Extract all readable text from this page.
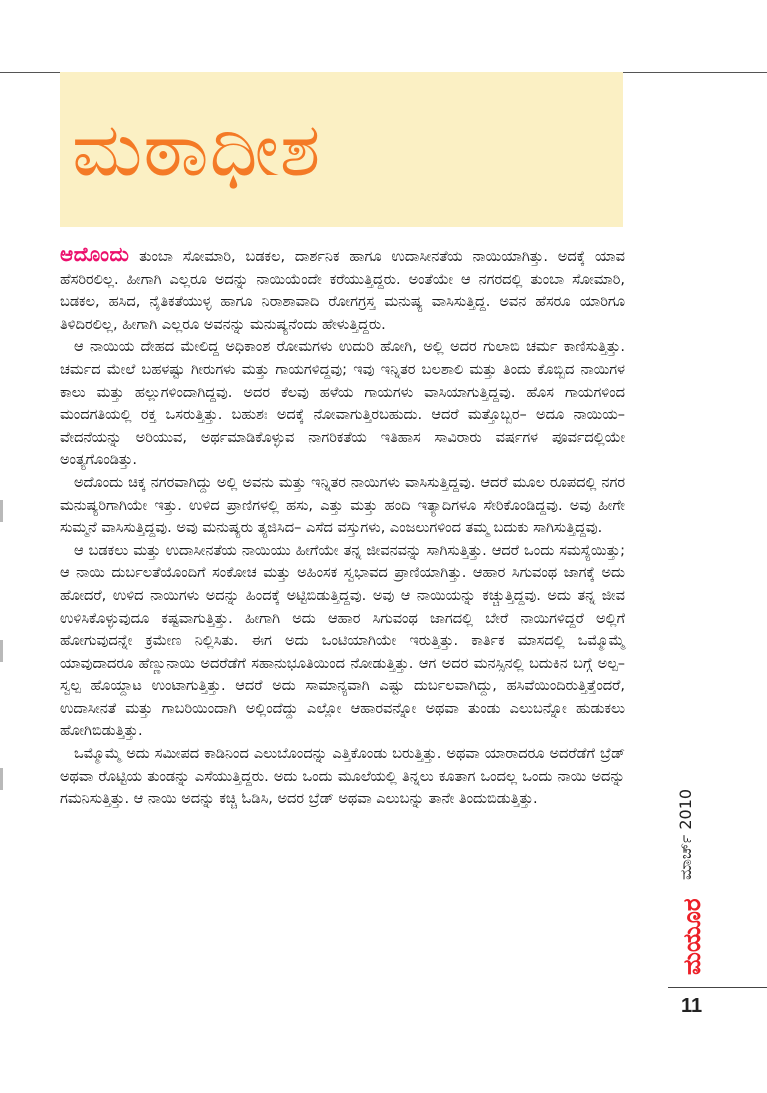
ಮಠಾಧೀಶ

ಆದೊಂದು ತುಂಬಾ ಸೋಮಾರಿ, ಬಡಕಲ, ದಾರ್ಶನಿಕ ಹಾಗೂ ಉದಾಸೀನತೆಯ ನಾಯಿಯಾಗಿತ್ತು. ಅದಕ್ಕೆ ಯಾವ ಹೆಸರಿರಲಿಲ್ಲ. ಹೀಗಾಗಿ ಎಲ್ಲರೂ ಅದನ್ನು ನಾಯಿಯೆಂದೇ ಕರೆಯುತ್ತಿದ್ದರು. ಅಂತೆಯೇ ಆ ನಗರದಲ್ಲಿ ತುಂಬಾ ಸೋಮಾರಿ, ಬಡಕಲ, ಹಸಿದ, ನೈತಿಕತೆಯುಳ್ಳ ಹಾಗೂ ನಿರಾಶಾವಾದಿ ರೋಗಗ್ರಸ್ತ ಮನುಷ್ಯ ವಾಸಿಸುತ್ತಿದ್ದ. ಅವನ ಹೆಸರೂ ಯಾರಿಗೂ ತಿಳಿದಿರಲಿಲ್ಲ, ಹೀಗಾಗಿ ಎಲ್ಲರೂ ಅವನನ್ನು ಮನುಷ್ಯನೆಂದು ಹೇಳುತ್ತಿದ್ದರು.

ಆ ನಾಯಿಯ ದೇಹದ ಮೇಲಿದ್ದ ಅಧಿಕಾಂಶ ರೋಮಗಳು ಉದುರಿ ಹೋಗಿ, ಅಲ್ಲಿ ಅದರ ಗುಲಾಬಿ ಚರ್ಮ ಕಾಣಿಸುತ್ತಿತ್ತು. ಚರ್ಮದ ಮೇಲೆ ಬಹಳಷ್ಟು ಗೀರುಗಳು ಮತ್ತು ಗಾಯಗಳಿದ್ದವು; ಇವು ಇನ್ನಿತರ ಬಲಶಾಲಿ ಮತ್ತು ತಿಂದು ಕೊಬ್ಬಿದ ನಾಯಿಗಳ ಕಾಲು ಮತ್ತು ಹಲ್ಲುಗಳಿಂದಾಗಿದ್ದವು. ಅದರ ಕೆಲವು ಹಳೆಯ ಗಾಯಗಳು ವಾಸಿಯಾಗುತ್ತಿದ್ದವು. ಹೊಸ ಗಾಯಗಳಿಂದ ಮಂದಗತಿಯಲ್ಲಿ ರಕ್ತ ಒಸರುತ್ತಿತ್ತು. ಬಹುಶಃ ಅದಕ್ಕೆ ನೋವಾಗುತ್ತಿರಬಹುದು. ಆದರೆ ಮತ್ತೊಬ್ಬರ– ಅದೂ ನಾಯಿಯ– ವೇದನೆಯನ್ನು ಅರಿಯುವ, ಅರ್ಥಮಾಡಿಕೊಳ್ಳುವ ನಾಗರಿಕತೆಯ ಇತಿಹಾಸ ಸಾವಿರಾರು ವರ್ಷಗಳ ಪೂರ್ವದಲ್ಲಿಯೇ ಅಂತ್ಯಗೊಂಡಿತ್ತು.

ಅದೊಂದು ಚಿಕ್ಕ ನಗರವಾಗಿದ್ದು ಅಲ್ಲಿ ಅವನು ಮತ್ತು ಇನ್ನಿತರ ನಾಯಿಗಳು ವಾಸಿಸುತ್ತಿದ್ದವು. ಆದರೆ ಮೂಲ ರೂಪದಲ್ಲಿ ನಗರ ಮನುಷ್ಯರಿಗಾಗಿಯೇ ಇತ್ತು. ಉಳಿದ ಪ್ರಾಣಿಗಳಲ್ಲಿ ಹಸು, ಎತ್ತು ಮತ್ತು ಹಂದಿ ಇತ್ಯಾದಿಗಳೂ ಸೇರಿಕೊಂಡಿದ್ದವು. ಅವು ಹೀಗೇ ಸುಮ್ಮನೆ ವಾಸಿಸುತ್ತಿದ್ದವು. ಅವು ಮನುಷ್ಯರು ತ್ಯಜಿಸಿದ– ಎಸೆದ ವಸ್ತುಗಳು, ಎಂಜಲುಗಳಿಂದ ತಮ್ಮ ಬದುಕು ಸಾಗಿಸುತ್ತಿದ್ದವು.

ಆ ಬಡಕಲು ಮತ್ತು ಉದಾಸೀನತೆಯ ನಾಯಿಯು ಹೀಗೆಯೇ ತನ್ನ ಜೀವನವನ್ನು ಸಾಗಿಸುತ್ತಿತ್ತು. ಆದರೆ ಒಂದು ಸಮಸ್ಯೆಯಿತ್ತು; ಆ ನಾಯಿ ದುರ್ಬಲತೆಯೊಂದಿಗೆ ಸಂಕೋಚ ಮತ್ತು ಅಹಿಂಸಕ ಸ್ವಭಾವದ ಪ್ರಾಣಿಯಾಗಿತ್ತು. ಆಹಾರ ಸಿಗುವಂಥ ಜಾಗಕ್ಕೆ ಅದು ಹೋದರೆ, ಉಳಿದ ನಾಯಿಗಳು ಅದನ್ನು ಹಿಂದಕ್ಕೆ ಅಟ್ಟಿಬಿಡುತ್ತಿದ್ದವು. ಅವು ಆ ನಾಯಿಯನ್ನು ಕಚ್ಚುತ್ತಿದ್ದವು. ಅದು ತನ್ನ ಜೀವ ಉಳಿಸಿಕೊಳ್ಳುವುದೂ ಕಷ್ಟವಾಗುತ್ತಿತ್ತು. ಹೀಗಾಗಿ ಅದು ಆಹಾರ ಸಿಗುವಂಥ ಜಾಗದಲ್ಲಿ ಬೇರೆ ನಾಯಿಗಳಿದ್ದರೆ ಅಲ್ಲಿಗೆ ಹೋಗುವುದನ್ನೇ ಕ್ರಮೇಣ ನಿಲ್ಲಿಸಿತು. ಈಗ ಅದು ಒಂಟಿಯಾಗಿಯೇ ಇರುತ್ತಿತ್ತು. ಕಾರ್ತಿಕ ಮಾಸದಲ್ಲಿ ಒಮ್ಮೊಮ್ಮೆ ಯಾವುದಾದರೂ ಹೆಣ್ಣುನಾಯಿ ಅದರೆಡೆಗೆ ಸಹಾನುಭೂತಿಯಿಂದ ನೋಡುತ್ತಿತ್ತು. ಆಗ ಅದರ ಮನಸ್ಸಿನಲ್ಲಿ ಬದುಕಿನ ಬಗ್ಗೆ ಅಲ್ಪ–ಸ್ವಲ್ಪ ಹೊಯ್ದಾಟ ಉಂಟಾಗುತ್ತಿತ್ತು. ಆದರೆ ಅದು ಸಾಮಾನ್ಯವಾಗಿ ಎಷ್ಟು ದುರ್ಬಲವಾಗಿದ್ದು, ಹಸಿವೆಯಿಂದಿರುತ್ತಿತ್ತೆಂದರೆ, ಉದಾಸೀನತೆ ಮತ್ತು ಗಾಬರಿಯಿಂದಾಗಿ ಅಲ್ಲಿಂದೆದ್ದು ಎಲ್ಲೋ ಆಹಾರವನ್ನೋ ಅಥವಾ ತುಂಡು ಎಲುಬನ್ನೋ ಹುಡುಕಲು ಹೋಗಿಬಿಡುತ್ತಿತ್ತು.

ಒಮ್ಮೊಮ್ಮೆ ಅದು ಸಮೀಪದ ಕಾಡಿನಿಂದ ಎಲುಬೊಂದನ್ನು ಎತ್ತಿಕೊಂಡು ಬರುತ್ತಿತ್ತು. ಅಥವಾ ಯಾರಾದರೂ ಅದರೆಡೆಗೆ ಬ್ರೆಡ್ ಅಥವಾ ರೊಟ್ಟಿಯ ತುಂಡನ್ನು ಎಸೆಯುತ್ತಿದ್ದರು. ಅದು ಒಂದು ಮೂಲೆಯಲ್ಲಿ ತಿನ್ನಲು ಕೂತಾಗ ಒಂದಲ್ಲ ಒಂದು ನಾಯಿ ಅದನ್ನು ಗಮನಿಸುತ್ತಿತ್ತು. ಆ ನಾಯಿ ಅದನ್ನು ಕಚ್ಚಿ ಓಡಿಸಿ, ಅದರ ಬ್ರೆಡ್ ಅಥವಾ ಎಲುಬನ್ನು ತಾನೇ ತಿಂದುಬಿಡುತ್ತಿತ್ತು.	ಮಾರ್ಚ್ 2010
ಮಯೂರ
11
